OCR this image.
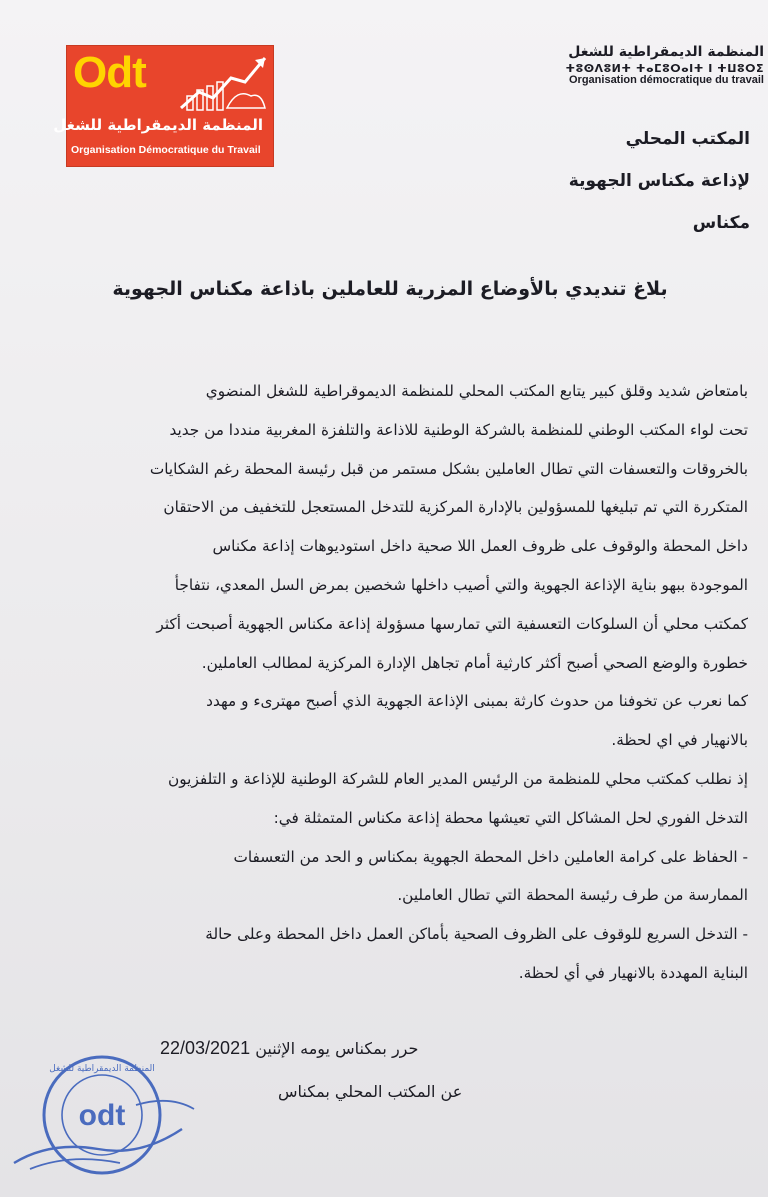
Odt
المنظمة الديمقراطية للشغل
Organisation Démocratique du Travail
المنظمة الديمقراطية للشغل
ⵜⵓⵙⴷⵓⵍⵜ ⵜⴰⵎⵓⵔⴰⵏⵜ ⵏ ⵜⵡⵓⵔⵉ
Organisation démocratique du travail
المكتب المحلي
لإذاعة مكناس الجهوية
مكناس
بلاغ تنديدي بالأوضاع المزرية للعاملين باذاعة مكناس الجهوية
بامتعاض شديد وقلق كبير يتابع المكتب المحلي للمنظمة الديموقراطية للشغل المنضوي
تحت لواء المكتب الوطني للمنظمة بالشركة الوطنية للاذاعة والتلفزة المغربية منددا من جديد
بالخروقات والتعسفات التي تطال العاملين بشكل مستمر من قبل رئيسة المحطة رغم الشكايات
المتكررة التي تم تبليغها للمسؤولين بالإدارة المركزية للتدخل المستعجل للتخفيف من الاحتقان
داخل المحطة والوقوف على ظروف العمل اللا صحية داخل استوديوهات إذاعة مكناس
الموجودة ببهو بناية الإذاعة الجهوية والتي أصيب داخلها شخصين بمرض السل المعدي، نتفاجأ
كمكتب محلي أن السلوكات التعسفية التي تمارسها مسؤولة إذاعة مكناس الجهوية أصبحت أكثر
خطورة والوضع الصحي أصبح أكثر كارثية أمام تجاهل الإدارة المركزية لمطالب العاملين.
كما نعرب عن تخوفنا من حدوث كارثة بمبنى الإذاعة الجهوية الذي أصبح مهترىء و مهدد
بالانهيار في اي لحظة.
إذ نطلب كمكتب محلي للمنظمة من الرئيس المدير العام للشركة الوطنية للإذاعة و التلفزيون
التدخل الفوري لحل المشاكل التي تعيشها محطة إذاعة مكناس المتمثلة في:
- الحفاظ على كرامة العاملين داخل المحطة الجهوية بمكناس و الحد من التعسفات
الممارسة من طرف رئيسة المحطة التي تطال العاملين.
- التدخل السريع للوقوف على الظروف الصحية بأماكن العمل داخل المحطة وعلى حالة
البناية المهددة بالانهيار في أي لحظة.
حرر بمكناس يومه الإثنين 22/03/2021
عن المكتب المحلي بمكناس
odt
المنظمة الديمقراطية للشغل
